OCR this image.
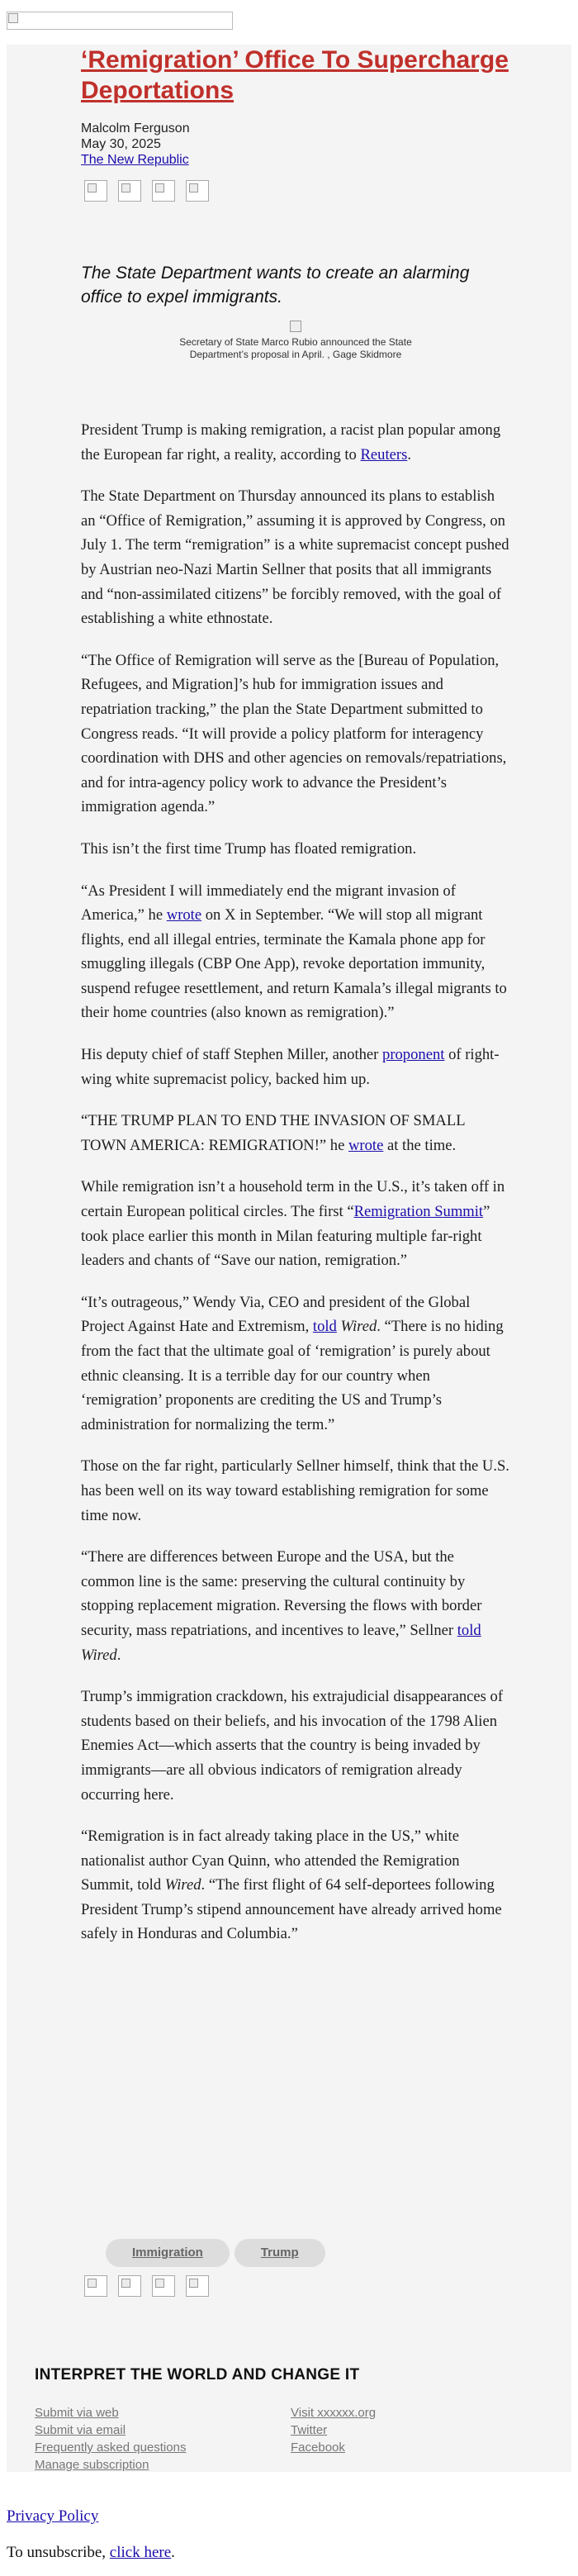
‘Remigration’ Office To Supercharge Deportations
Malcolm Ferguson
May 30, 2025
The New Republic

The State Department wants to create an alarming office to expel immigrants.

Secretary of State Marco Rubio announced the State Department’s proposal in April. , Gage Skidmore

President Trump is making remigration, a racist plan popular among the European far right, a reality, according to Reuters.

The State Department on Thursday announced its plans to establish an “Office of Remigration,” assuming it is approved by Congress, on July 1. The term “remigration” is a white supremacist concept pushed by Austrian neo-Nazi Martin Sellner that posits that all immigrants and “non-assimilated citizens” be forcibly removed, with the goal of establishing a white ethnostate.

“The Office of Remigration will serve as the [Bureau of Population, Refugees, and Migration]’s hub for immigration issues and repatriation tracking,” the plan the State Department submitted to Congress reads. “It will provide a policy platform for interagency coordination with DHS and other agencies on removals/repatriations, and for intra-agency policy work to advance the President’s immigration agenda.”

This isn’t the first time Trump has floated remigration.

“As President I will immediately end the migrant invasion of America,” he wrote on X in September. “We will stop all migrant flights, end all illegal entries, terminate the Kamala phone app for smuggling illegals (CBP One App), revoke deportation immunity, suspend refugee resettlement, and return Kamala’s illegal migrants to their home countries (also known as remigration).”

His deputy chief of staff Stephen Miller, another proponent of right-wing white supremacist policy, backed him up.

“THE TRUMP PLAN TO END THE INVASION OF SMALL TOWN AMERICA: REMIGRATION!” he wrote at the time.

While remigration isn’t a household term in the U.S., it’s taken off in certain European political circles. The first “Remigration Summit” took place earlier this month in Milan featuring multiple far-right leaders and chants of “Save our nation, remigration.”

“It’s outrageous,” Wendy Via, CEO and president of the Global Project Against Hate and Extremism, told Wired. “There is no hiding from the fact that the ultimate goal of ‘remigration’ is purely about ethnic cleansing. It is a terrible day for our country when ‘remigration’ proponents are crediting the US and Trump’s administration for normalizing the term.”

Those on the far right, particularly Sellner himself, think that the U.S. has been well on its way toward establishing remigration for some time now.

“There are differences between Europe and the USA, but the common line is the same: preserving the cultural continuity by stopping replacement migration. Reversing the flows with border security, mass repatriations, and incentives to leave,” Sellner told Wired.

Trump’s immigration crackdown, his extrajudicial disappearances of students based on their beliefs, and his invocation of the 1798 Alien Enemies Act—which asserts that the country is being invaded by immigrants—are all obvious indicators of remigration already occurring here.

“Remigration is in fact already taking place in the US,” white nationalist author Cyan Quinn, who attended the Remigration Summit, told Wired. “The first flight of 64 self-deportees following President Trump’s stipend announcement have already arrived home safely in Honduras and Columbia.”

Immigration	Trump

INTERPRET THE WORLD AND CHANGE IT

Submit via web
Submit via email
Frequently asked questions
Manage subscription
Visit xxxxxx.org
Twitter
Facebook
Privacy Policy
To unsubscribe, click here.
